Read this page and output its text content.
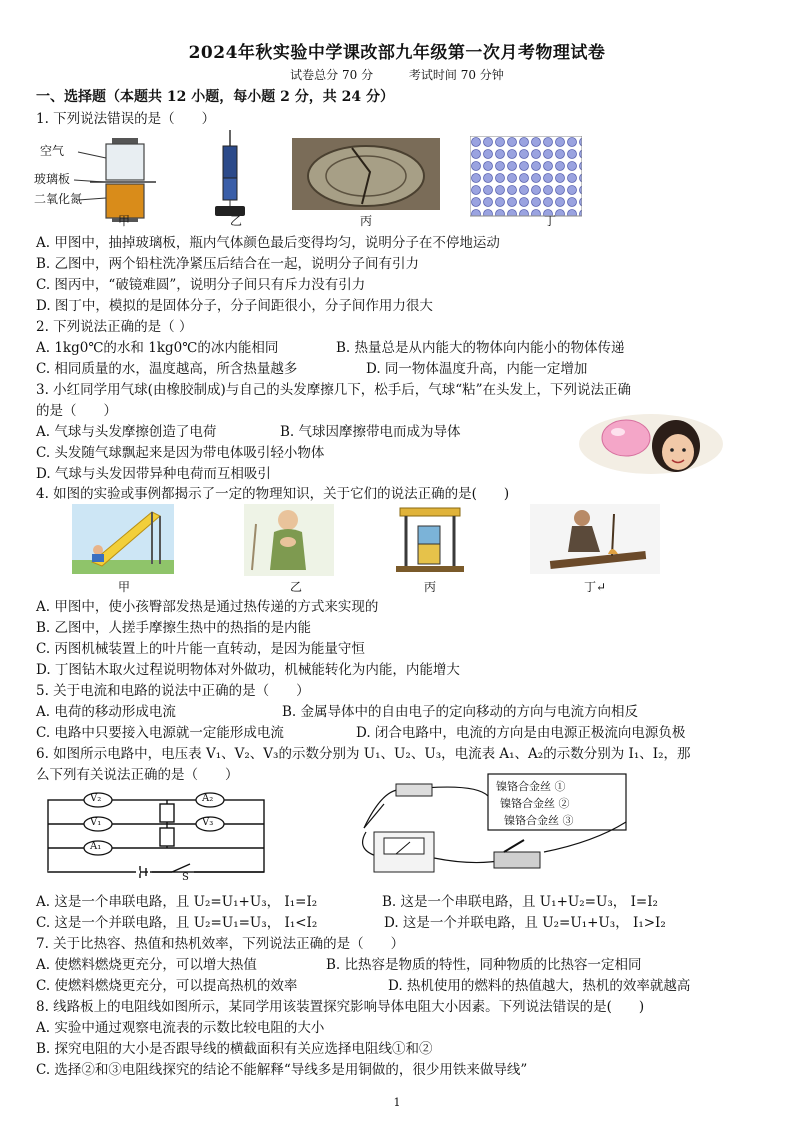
2024年秋实验中学课改部九年级第一次月考物理试卷
试卷总分 70 分	考试时间 70 分钟
一、选择题（本题共 12 小题，每小题 2 分，共 24 分）
1. 下列说法错误的是（　　）
空气
玻璃板
二氧化氮
甲	乙	丙	丁
A. 甲图中，抽掉玻璃板，瓶内气体颜色最后变得均匀，说明分子在不停地运动
B. 乙图中，两个铅柱洗净紧压后结合在一起，说明分子间有引力
C. 图丙中，“破镜难圆”，说明分子间只有斥力没有引力
D. 图丁中，模拟的是固体分子，分子间距很小，分子间作用力很大
2. 下列说法正确的是（ ）
A. 1kg0℃的水和 1kg0℃的冰内能相同	B. 热量总是从内能大的物体向内能小的物体传递
C. 相同质量的水，温度越高，所含热量越多	D. 同一物体温度升高，内能一定增加
3. 小红同学用气球(由橡胶制成)与自己的头发摩擦几下，松手后，气球“粘”在头发上，下列说法正确
的是（　　）
A. 气球与头发摩擦创造了电荷	B. 气球因摩擦带电而成为导体
C. 头发随气球飘起来是因为带电体吸引轻小物体
D. 气球与头发因带异种电荷而互相吸引
4. 如图的实验或事例都揭示了一定的物理知识，关于它们的说法正确的是(　　)
甲	乙	丙	丁↵
A. 甲图中，使小孩臀部发热是通过热传递的方式来实现的
B. 乙图中，人搓手摩擦生热中的热指的是内能
C. 丙图机械装置上的叶片能一直转动，是因为能量守恒
D. 丁图钻木取火过程说明物体对外做功，机械能转化为内能，内能增大
5. 关于电流和电路的说法中正确的是（　　）
A. 电荷的移动形成电流	B. 金属导体中的自由电子的定向移动的方向与电流方向相反
C. 电路中只要接入电源就一定能形成电流	D. 闭合电路中，电流的方向是由电源正极流向电源负极
6. 如图所示电路中，电压表 V₁、V₂、V₃的示数分别为 U₁、U₂、U₃，电流表 A₁、A₂的示数分别为 I₁、I₂，那
么下列有关说法正确的是（　　）
V₂	A₂
V₁	V₃
A₁
S
镍铬合金丝 ①
镍铬合金丝 ②
镍铬合金丝 ③
A. 这是一个串联电路，且 U₂=U₁+U₃， I₁=I₂	B. 这是一个串联电路，且 U₁+U₂=U₃， I=I₂
C. 这是一个并联电路，且 U₂=U₁=U₃， I₁<I₂	D. 这是一个并联电路，且 U₂=U₁+U₃， I₁>I₂
7. 关于比热容、热值和热机效率，下列说法正确的是（　　）
A. 使燃料燃烧更充分，可以增大热值	B. 比热容是物质的特性，同种物质的比热容一定相同
C. 使燃料燃烧更充分，可以提高热机的效率	D. 热机使用的燃料的热值越大，热机的效率就越高
8. 线路板上的电阻线如图所示，某同学用该装置探究影响导体电阻大小因素。下列说法错误的是(　　)
A. 实验中通过观察电流表的示数比较电阻的大小
B. 探究电阻的大小是否跟导线的横截面积有关应选择电阻线①和②
C. 选择②和③电阻线探究的结论不能解释“导线多是用铜做的，很少用铁来做导线”
1
